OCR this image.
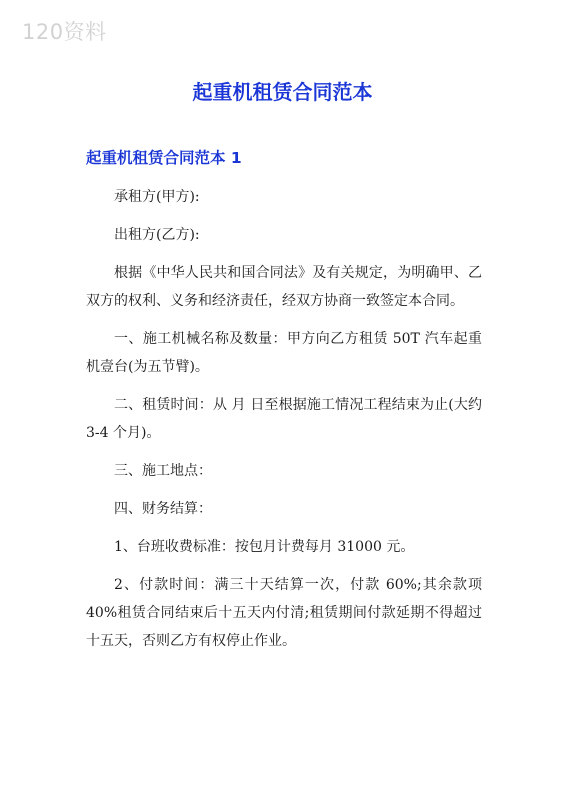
120资料
起重机租赁合同范本
起重机租赁合同范本 1

承租方(甲方):

出租方(乙方):

根据《中华人民共和国合同法》及有关规定，为明确甲、乙双方的权利、义务和经济责任，经双方协商一致签定本合同。

一、施工机械名称及数量：甲方向乙方租赁 50T 汽车起重机壹台(为五节臂)。

二、租赁时间：从 月 日至根据施工情况工程结束为止(大约 3-4 个月)。

三、施工地点：

四、财务结算：

1、台班收费标准：按包月计费每月 31000 元。

2、付款时间：满三十天结算一次，付款 60%;其余款项 40%租赁合同结束后十五天内付清;租赁期间付款延期不得超过十五天，否则乙方有权停止作业。
